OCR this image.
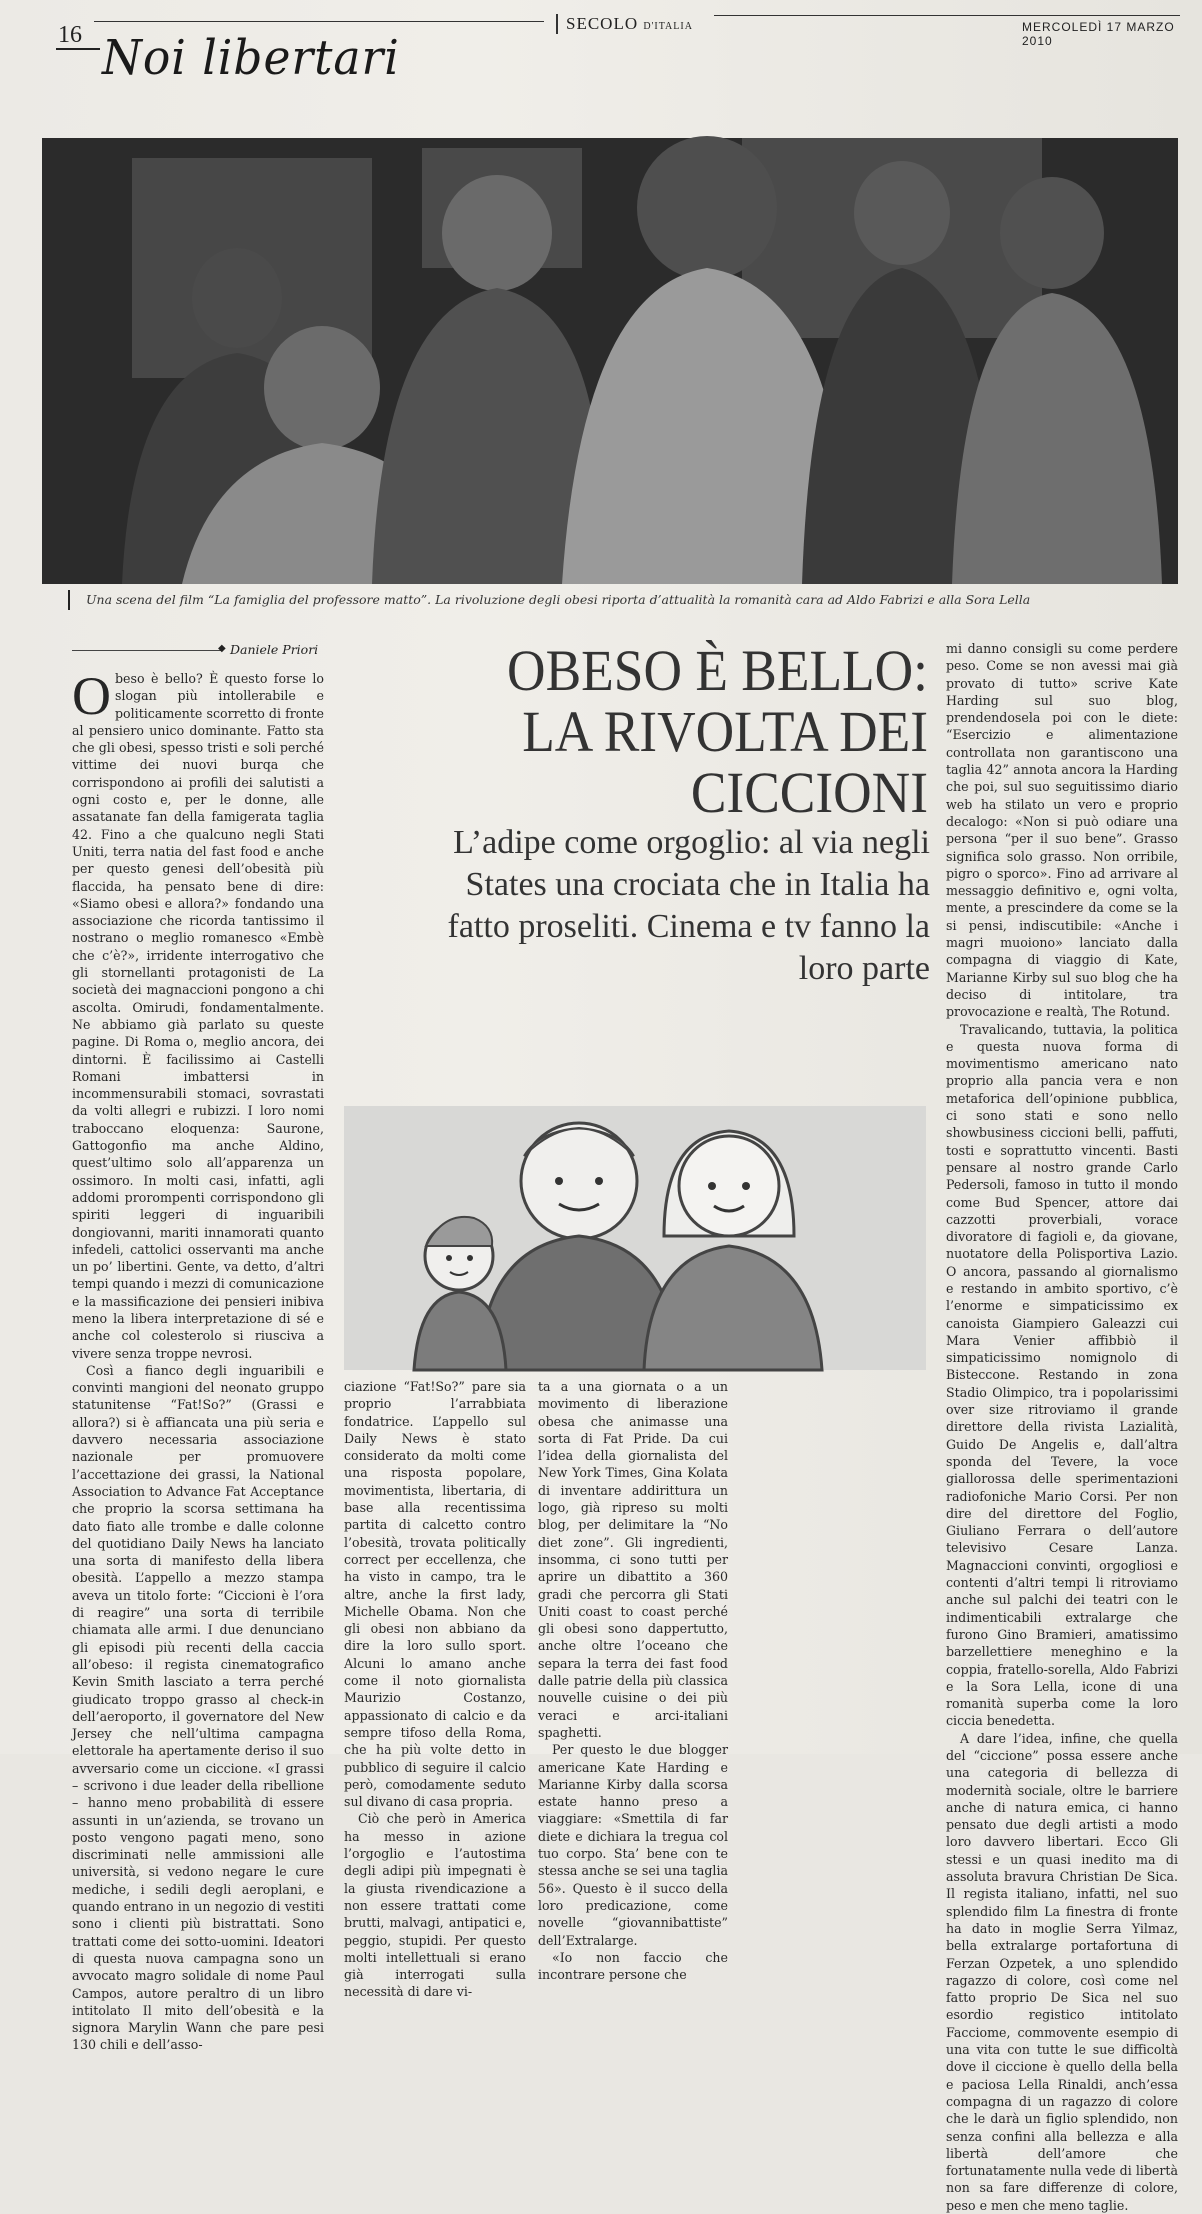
16 Noi libertari
SECOLO D'ITALIA	MERCOLEDÌ 17 MARZO 2010
Una scena del film “La famiglia del professore matto”. La rivoluzione degli obesi riporta d’attualità la romanità cara ad Aldo Fabrizi e alla Sora Lella
◆ Daniele Priori

Obeso è bello? È questo forse lo slogan più intollerabile e politicamente scorretto di fronte al pensiero unico dominante. Fatto sta che gli obesi, spesso tristi e soli perché vittime dei nuovi burqa che corrispondono ai profili dei salutisti a ogni costo e, per le donne, alle assatanate fan della famigerata taglia 42. Fino a che qualcuno negli Stati Uniti, terra natia del fast food e anche per questo genesi dell’obesità più flaccida, ha pensato bene di dire: «Siamo obesi e allora?» fondando una associazione che ricorda tantissimo il nostrano o meglio romanesco «Embè che c’è?», irridente interrogativo che gli stornellanti protagonisti de La società dei magnaccioni pongono a chi ascolta. Omirudi, fondamentalmente. Ne abbiamo già parlato su queste pagine. Di Roma o, meglio ancora, dei dintorni. È facilissimo ai Castelli Romani imbattersi in incommensurabili stomaci, sovrastati da volti allegri e rubizzi. I loro nomi traboccano eloquenza: Saurone, Gattogonfio ma anche Aldino, quest’ultimo solo all’apparenza un ossimoro. In molti casi, infatti, agli addomi prorompenti corrispondono gli spiriti leggeri di inguaribili dongiovanni, mariti innamorati quanto infedeli, cattolici osservanti ma anche un po’ libertini. Gente, va detto, d’altri tempi quando i mezzi di comunicazione e la massificazione dei pensieri inibiva meno la libera interpretazione di sé e anche col colesterolo si riusciva a vivere senza troppe nevrosi.

Così a fianco degli inguaribili e convinti mangioni del neonato gruppo statunitense “Fat!So?” (Grassi e allora?) si è affiancata una più seria e davvero necessaria associazione nazionale per promuovere l’accettazione dei grassi, la National Association to Advance Fat Acceptance che proprio la scorsa settimana ha dato fiato alle trombe e dalle colonne del quotidiano Daily News ha lanciato una sorta di manifesto della libera obesità. L’appello a mezzo stampa aveva un titolo forte: “Ciccioni è l’ora di reagire” una sorta di terribile chiamata alle armi. I due denunciano gli episodi più recenti della caccia all’obeso: il regista cinematografico Kevin Smith lasciato a terra perché giudicato troppo grasso al check-in dell’aeroporto, il governatore del New Jersey che nell’ultima campagna elettorale ha apertamente deriso il suo avversario come un ciccione. «I grassi – scrivono i due leader della ribellione – hanno meno probabilità di essere assunti in un’azienda, se trovano un posto vengono pagati meno, sono discriminati nelle ammissioni alle università, si vedono negare le cure mediche, i sedili degli aeroplani, e quando entrano in un negozio di vestiti sono i clienti più bistrattati. Sono trattati come dei sotto-uomini. Ideatori di questa nuova campagna sono un avvocato magro solidale di nome Paul Campos, autore peraltro di un libro intitolato Il mito dell’obesità e la signora Marylin Wann che pare pesi 130 chili e dell’asso-

OBESO È BELLO: LA RIVOLTA DEI CICCIONI
L’adipe come orgoglio: al via negli States una crociata che in Italia ha fatto proseliti. Cinema e tv fanno la loro parte

ciazione “Fat!So?” pare sia proprio l’arrabbiata fondatrice. L’appello sul Daily News è stato considerato da molti come una risposta popolare, movimentista, libertaria, di base alla recentissima partita di calcetto contro l’obesità, trovata politically correct per eccellenza, che ha visto in campo, tra le altre, anche la first lady, Michelle Obama. Non che gli obesi non abbiano da dire la loro sullo sport. Alcuni lo amano anche come il noto giornalista Maurizio Costanzo, appassionato di calcio e da sempre tifoso della Roma, che ha più volte detto in pubblico di seguire il calcio però, comodamente seduto sul divano di casa propria.

Ciò che però in America ha messo in azione l’orgoglio e l’autostima degli adipi più impegnati è la giusta rivendicazione a non essere trattati come brutti, malvagi, antipatici e, peggio, stupidi. Per questo molti intellettuali si erano già interrogati sulla necessità di dare vi-

ta a una giornata o a un movimento di liberazione obesa che animasse una sorta di Fat Pride. Da cui l’idea della giornalista del New York Times, Gina Kolata di inventare addirittura un logo, già ripreso su molti blog, per delimitare la “No diet zone”. Gli ingredienti, insomma, ci sono tutti per aprire un dibattito a 360 gradi che percorra gli Stati Uniti coast to coast perché gli obesi sono dappertutto, anche oltre l’oceano che separa la terra dei fast food dalle patrie della più classica nouvelle cuisine o dei più veraci e arci-italiani spaghetti.

Per questo le due blogger americane Kate Harding e Marianne Kirby dalla scorsa estate hanno preso a viaggiare: «Smettila di far diete e dichiara la tregua col tuo corpo. Sta’ bene con te stessa anche se sei una taglia 56». Questo è il succo della loro predicazione, come novelle “giovannibattiste” dell’Extralarge.

«Io non faccio che incontrare persone che

mi danno consigli su come perdere peso. Come se non avessi mai già provato di tutto» scrive Kate Harding sul suo blog, prendendosela poi con le diete: “Esercizio e alimentazione controllata non garantiscono una taglia 42” annota ancora la Harding che poi, sul suo seguitissimo diario web ha stilato un vero e proprio decalogo: «Non si può odiare una persona “per il suo bene”. Grasso significa solo grasso. Non orribile, pigro o sporco». Fino ad arrivare al messaggio definitivo e, ogni volta, mente, a prescindere da come se la si pensi, indiscutibile: «Anche i magri muoiono» lanciato dalla compagna di viaggio di Kate, Marianne Kirby sul suo blog che ha deciso di intitolare, tra provocazione e realtà, The Rotund.

Travalicando, tuttavia, la politica e questa nuova forma di movimentismo americano nato proprio alla pancia vera e non metaforica dell’opinione pubblica, ci sono stati e sono nello showbusiness ciccioni belli, paffuti, tosti e soprattutto vincenti. Basti pensare al nostro grande Carlo Pedersoli, famoso in tutto il mondo come Bud Spencer, attore dai cazzotti proverbiali, vorace divoratore di fagioli e, da giovane, nuotatore della Polisportiva Lazio. O ancora, passando al giornalismo e restando in ambito sportivo, c’è l’enorme e simpaticissimo ex canoista Giampiero Galeazzi cui Mara Venier affibbiò il simpaticissimo nomignolo di Bisteccone. Restando in zona Stadio Olimpico, tra i popolarissimi over size ritroviamo il grande direttore della rivista Lazialità, Guido De Angelis e, dall’altra sponda del Tevere, la voce giallorossa delle sperimentazioni radiofoniche Mario Corsi. Per non dire del direttore del Foglio, Giuliano Ferrara o dell’autore televisivo Cesare Lanza. Magnaccioni convinti, orgogliosi e contenti d’altri tempi li ritroviamo anche sul palchi dei teatri con le indimenticabili extralarge che furono Gino Bramieri, amatissimo barzellettiere meneghino e la coppia, fratello-sorella, Aldo Fabrizi e la Sora Lella, icone di una romanità superba come la loro ciccia benedetta.

A dare l’idea, infine, che quella del “ciccione” possa essere anche una categoria di bellezza di modernità sociale, oltre le barriere anche di natura emica, ci hanno pensato due degli artisti a modo loro davvero libertari. Ecco Gli stessi e un quasi inedito ma di assoluta bravura Christian De Sica. Il regista italiano, infatti, nel suo splendido film La finestra di fronte ha dato in moglie Serra Yilmaz, bella extralarge portafortuna di Ferzan Ozpetek, a uno splendido ragazzo di colore, così come nel fatto proprio De Sica nel suo esordio registico intitolato Facciome, commovente esempio di una vita con tutte le sue difficoltà dove il ciccione è quello della bella e paciosa Lella Rinaldi, anch’essa compagna di un ragazzo di colore che le darà un figlio splendido, non senza confini alla bellezza e alla libertà dell’amore che fortunatamente nulla vede di libertà non sa fare differenze di colore, peso e men che meno taglie.
